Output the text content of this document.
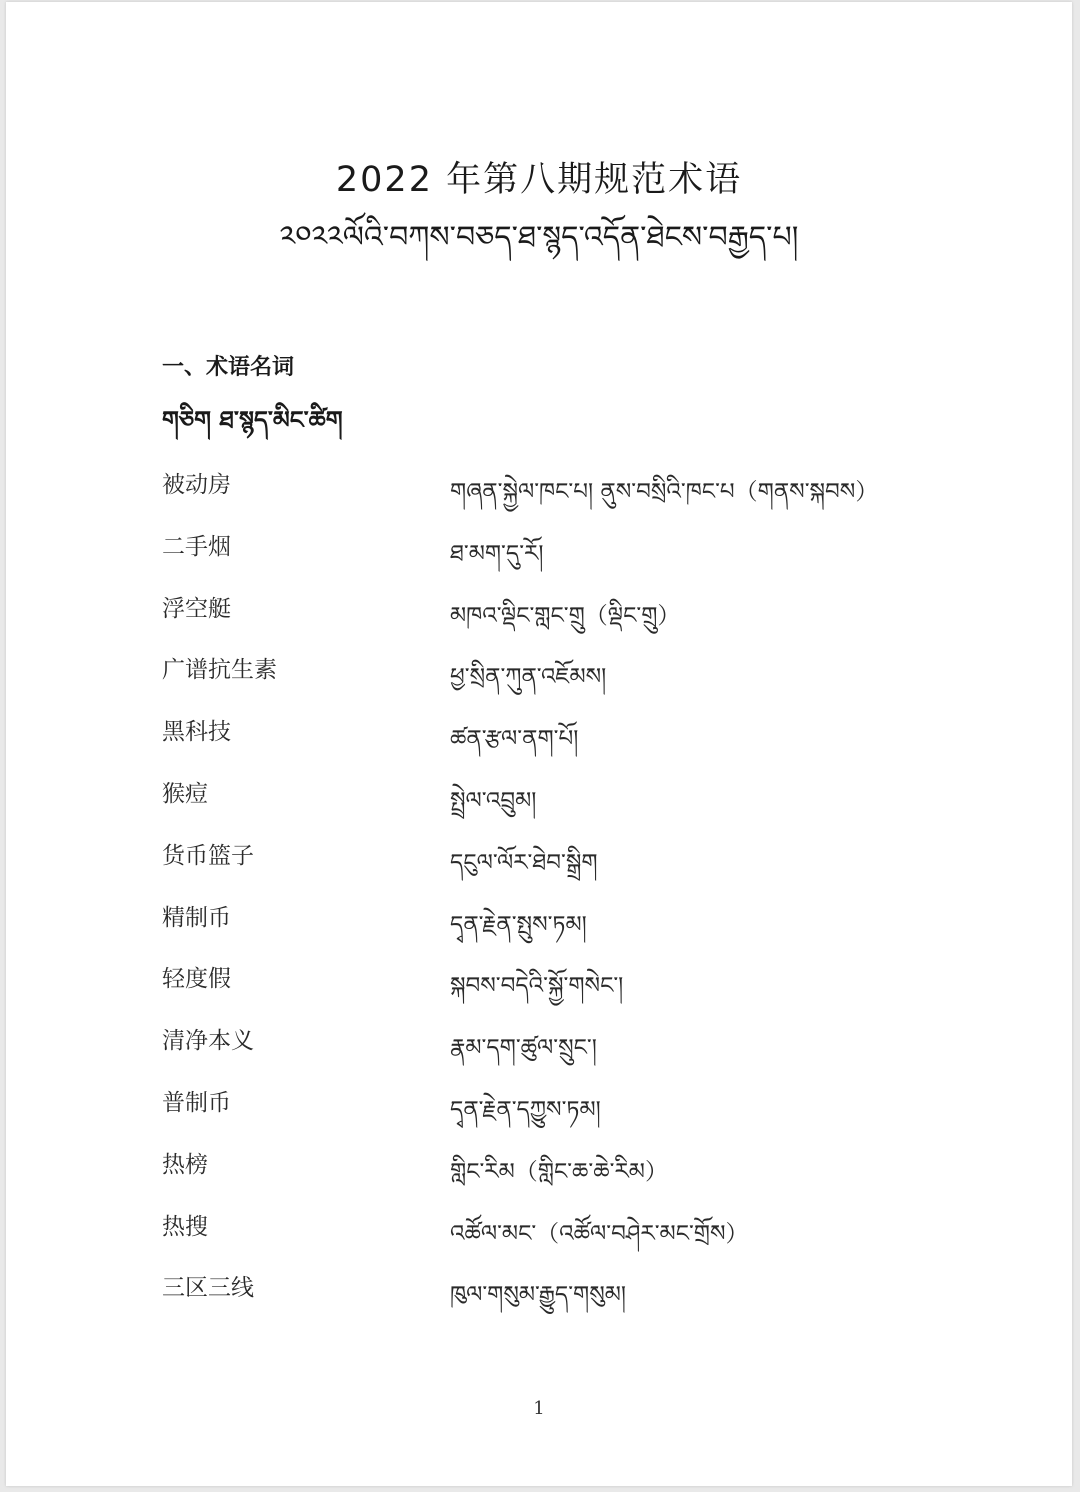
2022 年第八期规范术语
༢༠༢༢ལོའི་བཀས་བཅད་ཐ་སྙད་འདོན་ཐེངས་བརྒྱད་པ།
一、术语名词
གཅིག ཐ་སྙད་མིང་ཚིག
被动房	གཞན་སྐྱེལ་ཁང་པ། ནུས་བསྲིའི་ཁང་པ（གནས་སྐབས）
二手烟	ཐ་མག་དུ་རོ།
浮空艇	མཁའ་ལྡིང་གླང་གྲུ（ལྡིང་གྲུ）
广谱抗生素	ཕྱ་སྲིན་ཀུན་འཇོམས།
黑科技	ཚན་རྩལ་ནག་པོ།
猴痘	སྤྲེལ་འབྲུམ།
货币篮子	དངུལ་ལོར་ཐེབ་སྒྲིག
精制币	དྭན་རྗེན་སྤུས་ཏམ།
轻度假	སྐབས་བདེའི་སྐྱོ་གསེང་།
清净本义	རྣམ་དག་ཚུལ་སྲུང་།
普制币	དྭན་རྗེན་དཀྱུས་ཏམ།
热榜	གླིང་རིམ（གླིང་ཆ་ཆེ་རིམ）
热搜	འཚོལ་མང་（འཚོལ་བཤེར་མང་གྲོས）
三区三线	ཁུལ་གསུམ་རྒྱུད་གསུམ།
1
